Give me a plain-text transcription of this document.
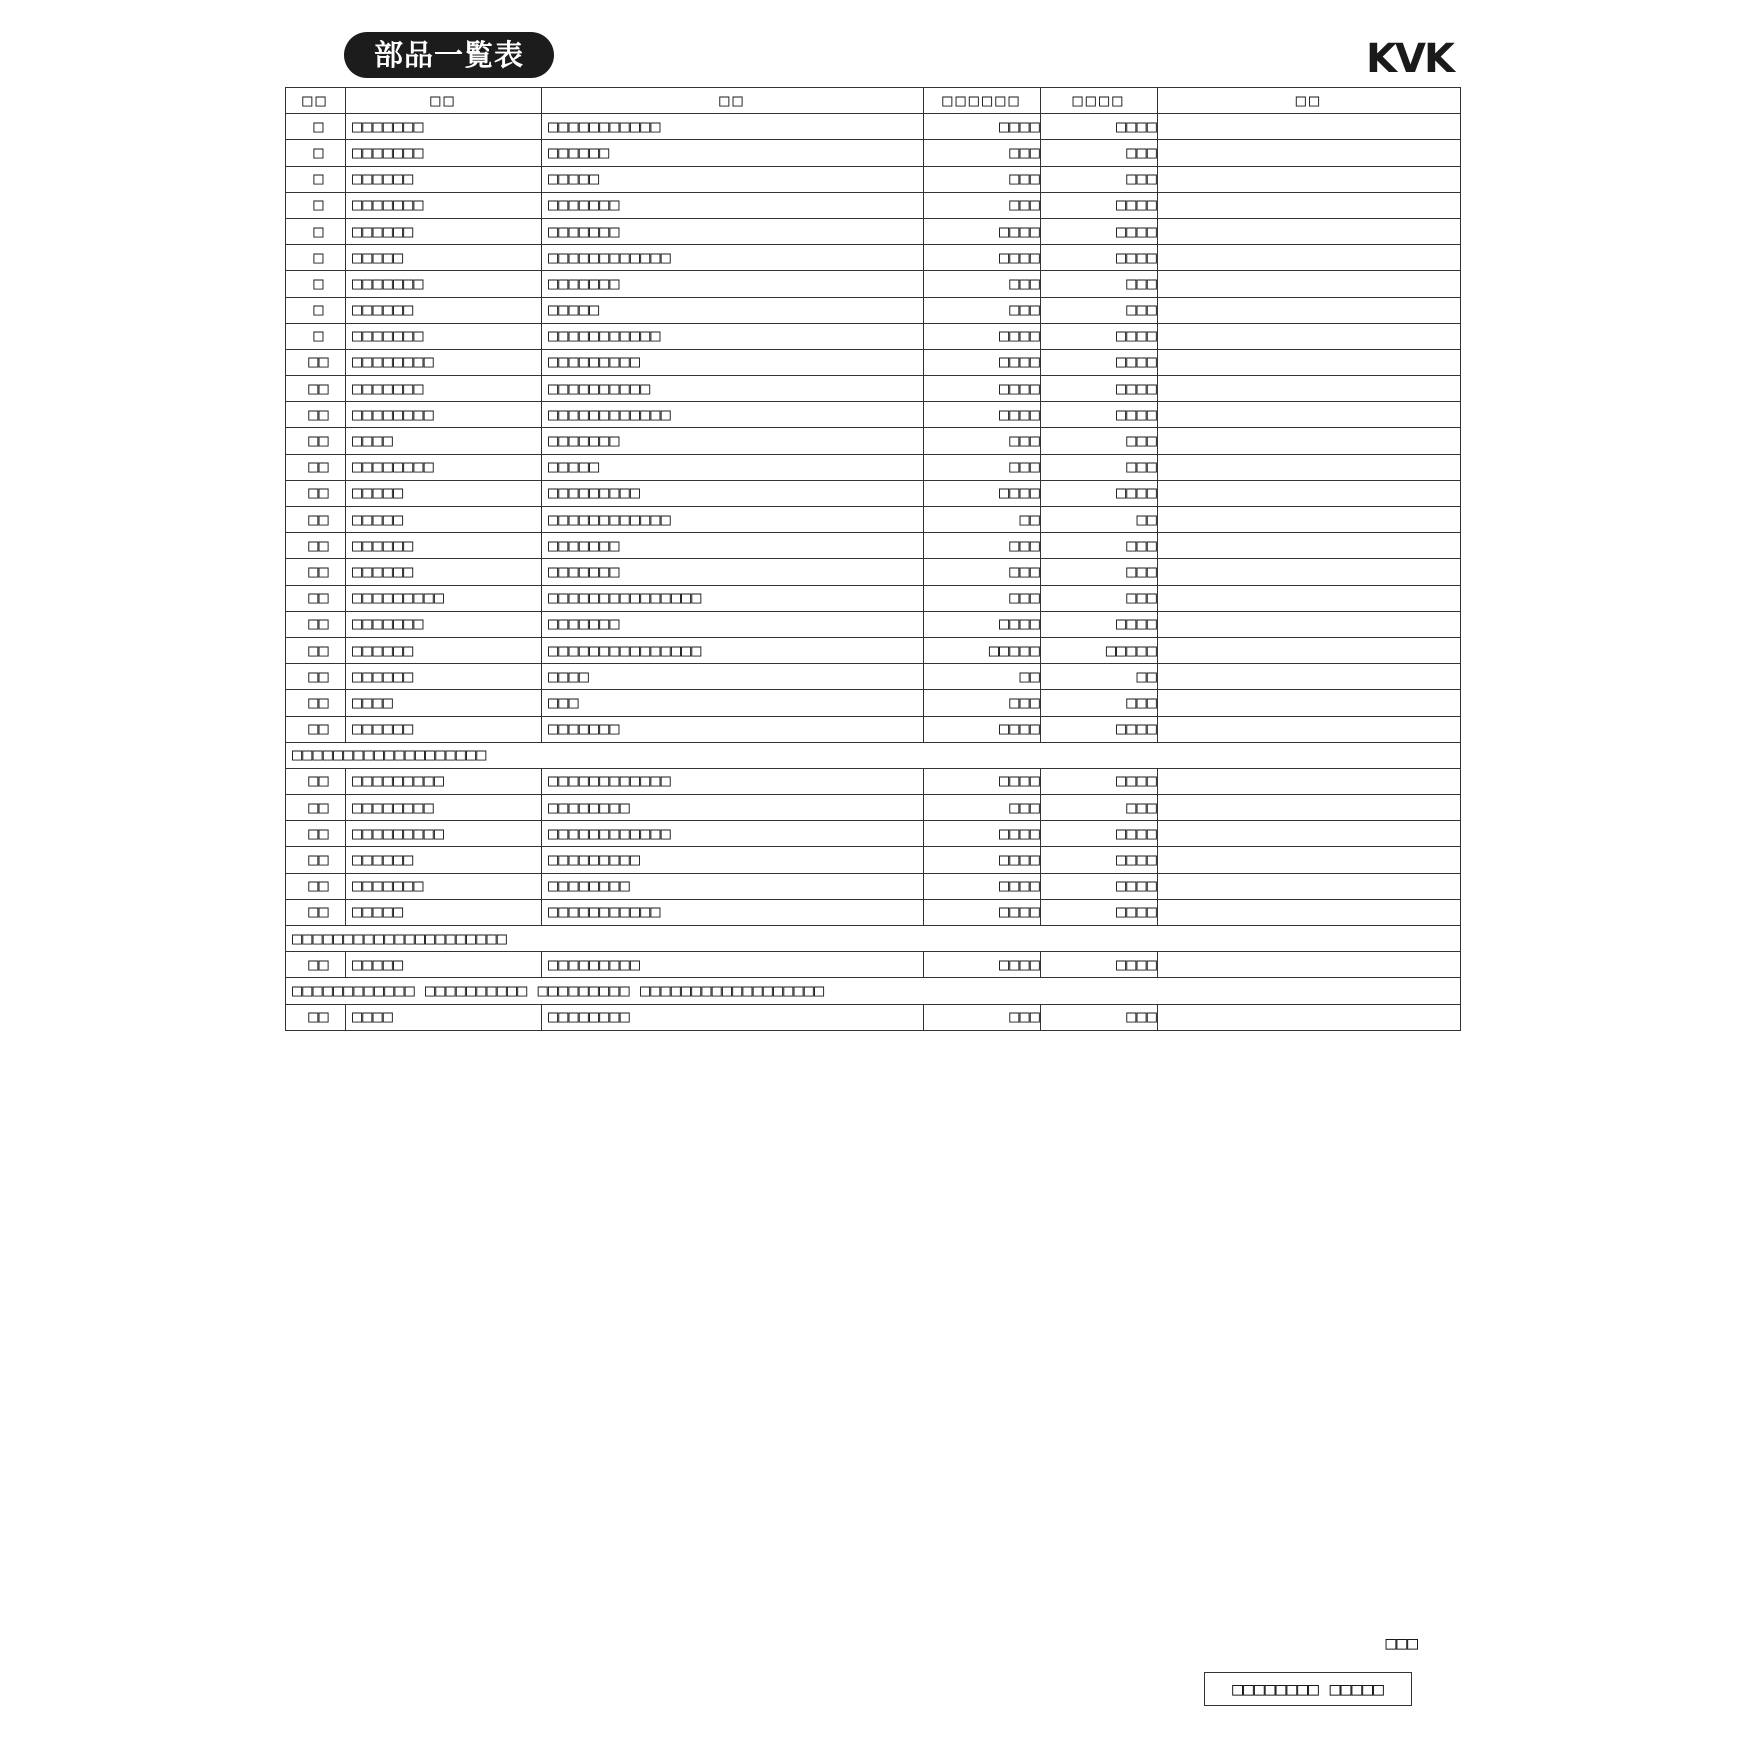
部品一覧表	KVK
□□	□□	□□	□□□□□□	□□□□	□□
□	□□□□□□□	□□□□□□□□□□□	□□□□	□□□□	
□	□□□□□□□	□□□□□□	□□□	□□□	
□	□□□□□□	□□□□□	□□□	□□□	
□	□□□□□□□	□□□□□□□	□□□	□□□□	
□	□□□□□□	□□□□□□□	□□□□	□□□□	
□	□□□□□	□□□□□□□□□□□□	□□□□	□□□□	
□	□□□□□□□	□□□□□□□	□□□	□□□	
□	□□□□□□	□□□□□	□□□	□□□	
□	□□□□□□□	□□□□□□□□□□□	□□□□	□□□□	
□□	□□□□□□□□	□□□□□□□□□	□□□□	□□□□	
□□	□□□□□□□	□□□□□□□□□□	□□□□	□□□□	
□□	□□□□□□□□	□□□□□□□□□□□□	□□□□	□□□□	
□□	□□□□	□□□□□□□	□□□	□□□	
□□	□□□□□□□□	□□□□□	□□□	□□□	
□□	□□□□□	□□□□□□□□□	□□□□	□□□□	
□□	□□□□□	□□□□□□□□□□□□	□□	□□	
□□	□□□□□□	□□□□□□□	□□□	□□□	
□□	□□□□□□	□□□□□□□	□□□	□□□	
□□	□□□□□□□□□	□□□□□□□□□□□□□□□	□□□	□□□	
□□	□□□□□□□	□□□□□□□	□□□□	□□□□	
□□	□□□□□□	□□□□□□□□□□□□□□□	□□□□□	□□□□□	
□□	□□□□□□	□□□□	□□	□□	
□□	□□□□	□□□	□□□	□□□	
□□	□□□□□□	□□□□□□□	□□□□	□□□□	
□□□□□□□□□□□□□□□□□□□					
□□	□□□□□□□□□	□□□□□□□□□□□□	□□□□	□□□□	
□□	□□□□□□□□	□□□□□□□□	□□□	□□□	
□□	□□□□□□□□□	□□□□□□□□□□□□	□□□□	□□□□	
□□	□□□□□□	□□□□□□□□□	□□□□	□□□□	
□□	□□□□□□□	□□□□□□□□	□□□□	□□□□	
□□	□□□□□	□□□□□□□□□□□	□□□□	□□□□	
□□□□□□□□□□□□□□□□□□□□□					
□□	□□□□□	□□□□□□□□□	□□□□	□□□□	
□□□□□□□□□□□□ □□□□□□□□□□ □□□□□□□□□ □□□□□□□□□□□□□□□□□□					
□□	□□□□	□□□□□□□□	□□□	□□□	
□□□
□□□□□□□□ □□□□□
